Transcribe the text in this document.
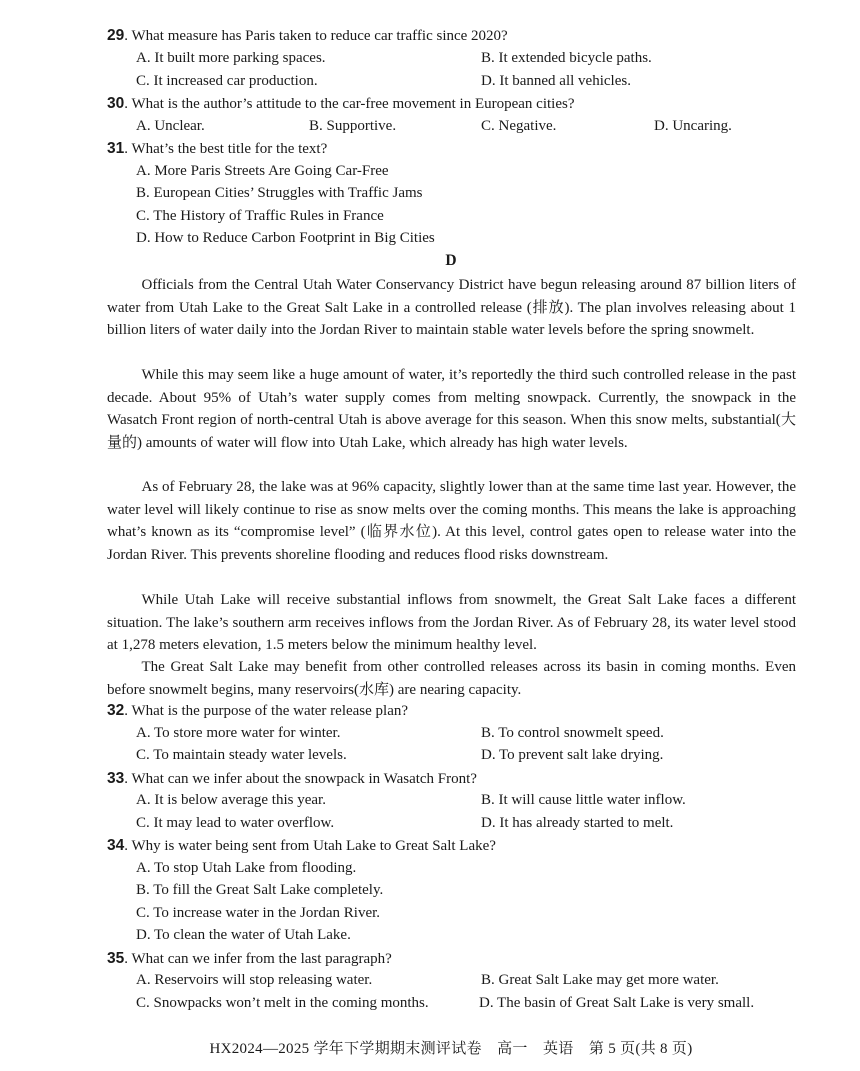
29. What measure has Paris taken to reduce car traffic since 2020?
A. It built more parking spaces.	B. It extended bicycle paths.
C. It increased car production.	D. It banned all vehicles.
30. What is the author’s attitude to the car-free movement in European cities?
A. Unclear.	B. Supportive.	C. Negative.	D. Uncaring.
31. What’s the best title for the text?
A. More Paris Streets Are Going Car-Free
B. European Cities’ Struggles with Traffic Jams
C. The History of Traffic Rules in France
D. How to Reduce Carbon Footprint in Big Cities
D

Officials from the Central Utah Water Conservancy District have begun releasing around 87 billion liters of water from Utah Lake to the Great Salt Lake in a controlled release (排放). The plan involves releasing about 1 billion liters of water daily into the Jordan River to maintain stable water levels before the spring snowmelt.

While this may seem like a huge amount of water, it’s reportedly the third such controlled release in the past decade. About 95% of Utah’s water supply comes from melting snowpack. Currently, the snowpack in the Wasatch Front region of north-central Utah is above average for this season. When this snow melts, substantial(大量的) amounts of water will flow into Utah Lake, which already has high water levels.

As of February 28, the lake was at 96% capacity, slightly lower than at the same time last year. However, the water level will likely continue to rise as snow melts over the coming months. This means the lake is approaching what’s known as its “compromise level” (临界水位). At this level, control gates open to release water into the Jordan River. This prevents shoreline flooding and reduces flood risks downstream.

While Utah Lake will receive substantial inflows from snowmelt, the Great Salt Lake faces a different situation. The lake’s southern arm receives inflows from the Jordan River. As of February 28, its water level stood at 1,278 meters elevation, 1.5 meters below the minimum healthy level.

The Great Salt Lake may benefit from other controlled releases across its basin in coming months. Even before snowmelt begins, many reservoirs(水库) are nearing capacity.

32. What is the purpose of the water release plan?
A. To store more water for winter.	B. To control snowmelt speed.
C. To maintain steady water levels.	D. To prevent salt lake drying.
33. What can we infer about the snowpack in Wasatch Front?
A. It is below average this year.	B. It will cause little water inflow.
C. It may lead to water overflow.	D. It has already started to melt.
34. Why is water being sent from Utah Lake to Great Salt Lake?
A. To stop Utah Lake from flooding.
B. To fill the Great Salt Lake completely.
C. To increase water in the Jordan River.
D. To clean the water of Utah Lake.
35. What can we infer from the last paragraph?
A. Reservoirs will stop releasing water.	B. Great Salt Lake may get more water.
C. Snowpacks won’t melt in the coming months.	D. The basin of Great Salt Lake is very small.
HX2024—2025 学年下学期期末测评试卷　高一　英语　第 5 页(共 8 页)
